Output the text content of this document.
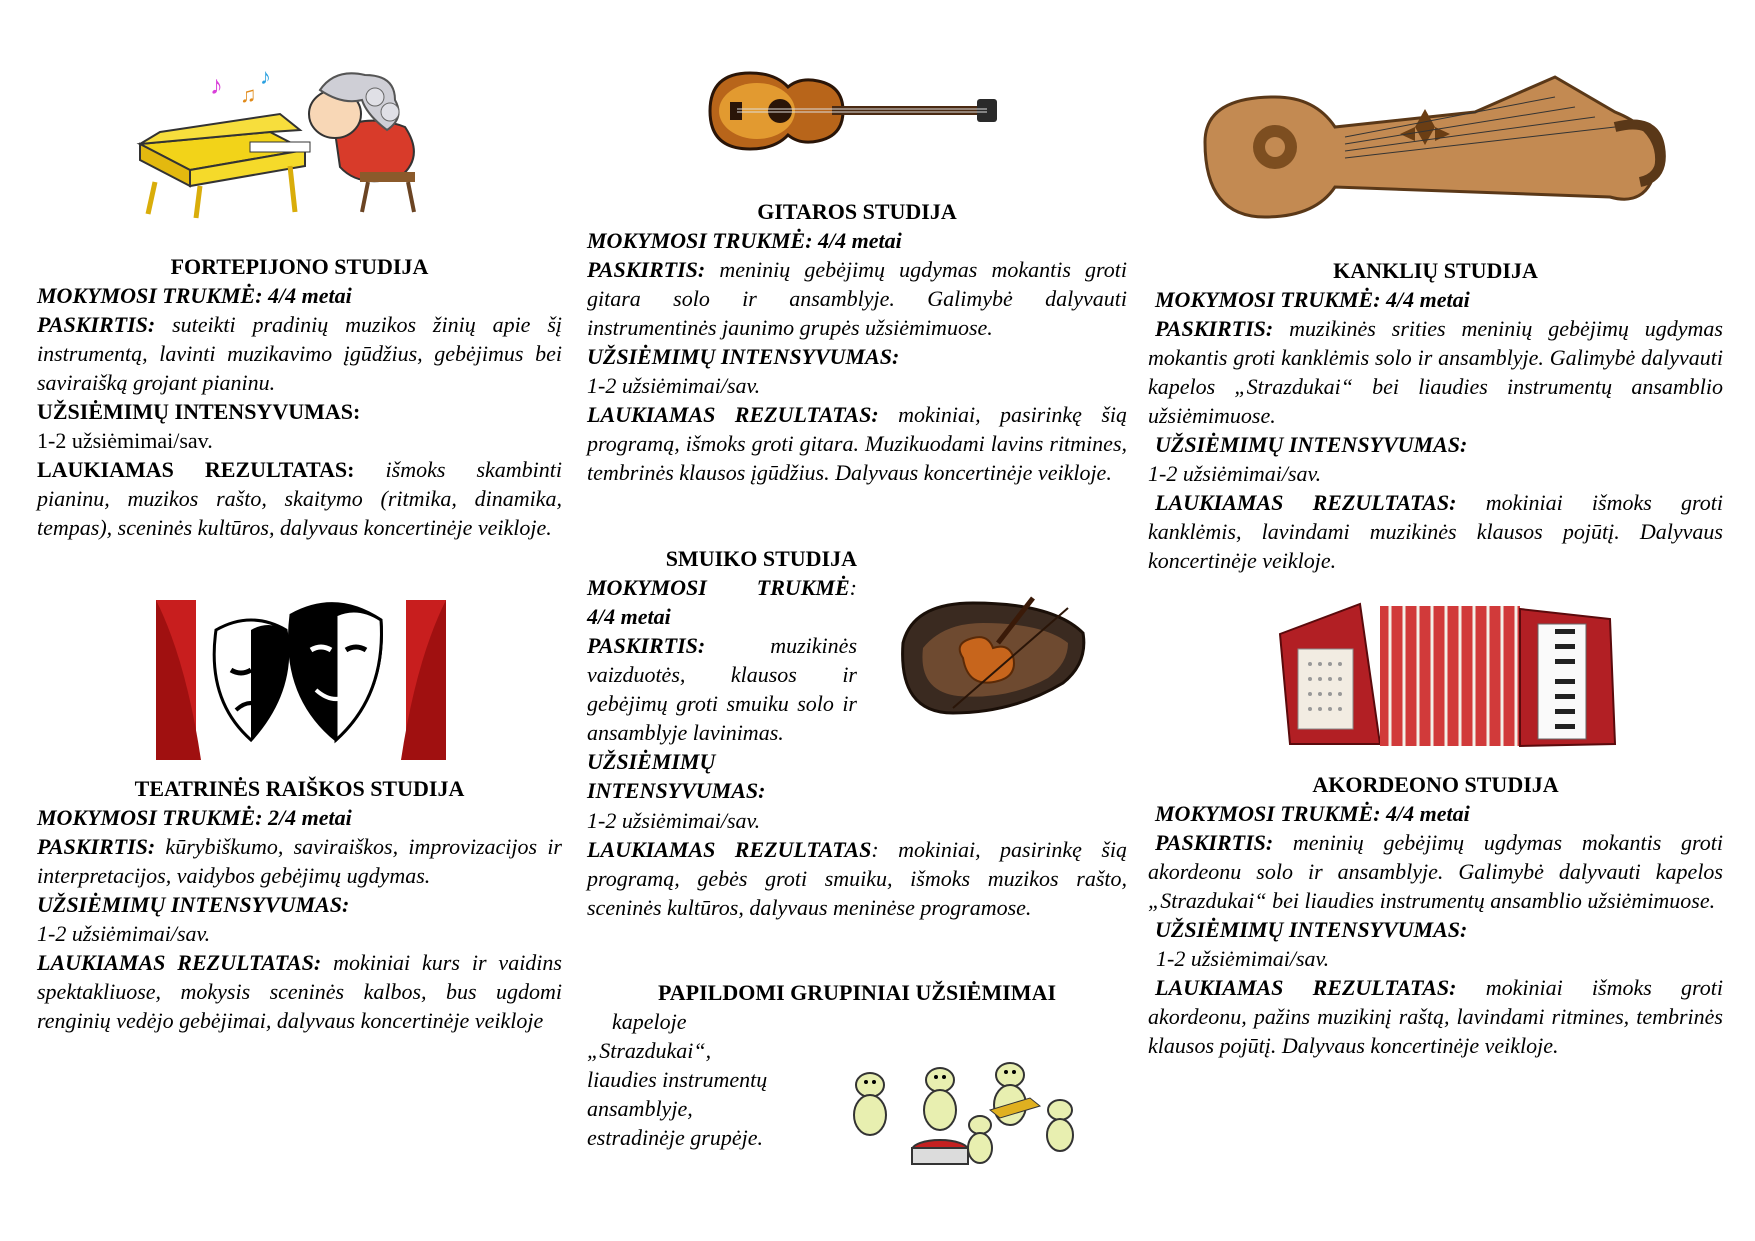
♪ ♫
♪

FORTEPIJONO STUDIJA

MOKYMOSI TRUKMĖ: 4/4 metai

PASKIRTIS: suteikti pradinių muzikos žinių apie šį instrumentą, lavinti muzikavimo įgūdžius, gebėjimus bei saviraišką grojant pianinu.

UŽSIĖMIMŲ INTENSYVUMAS:

1-2 užsiėmimai/sav.

LAUKIAMAS REZULTATAS: išmoks skambinti pianinu, muzikos rašto, skaitymo (ritmika, dinamika, tempas), sceninės kultūros, dalyvaus koncertinėje veikloje.

TEATRINĖS RAIŠKOS STUDIJA

MOKYMOSI TRUKMĖ: 2/4 metai

PASKIRTIS: kūrybiškumo, saviraiškos, improvizacijos ir interpretacijos, vaidybos gebėjimų ugdymas.

UŽSIĖMIMŲ INTENSYVUMAS:

1-2 užsiėmimai/sav.

LAUKIAMAS REZULTATAS: mokiniai kurs ir vaidins spektakliuose, mokysis sceninės kalbos, bus ugdomi renginių vedėjo gebėjimai, dalyvaus koncertinėje veikloje

GITAROS STUDIJA

MOKYMOSI TRUKMĖ: 4/4 metai

PASKIRTIS: meninių gebėjimų ugdymas mokantis groti gitara solo ir ansamblyje. Galimybė dalyvauti instrumentinės jaunimo grupės užsiėmimuose.

UŽSIĖMIMŲ INTENSYVUMAS:

1-2 užsiėmimai/sav.

LAUKIAMAS REZULTATAS: mokiniai, pasirinkę šią programą, išmoks groti gitara. Muzikuodami lavins ritmines, tembrinės klausos įgūdžius. Dalyvaus koncertinėje veikloje.

SMUIKO STUDIJA

MOKYMOSI TRUKMĖ:

4/4 metai

PASKIRTIS: muzikinės vaizduotės, klausos ir gebėjimų groti smuiku solo ir ansamblyje lavinimas.

UŽSIĖMIMŲ

INTENSYVUMAS:

1-2 užsiėmimai/sav.

LAUKIAMAS REZULTATAS: mokiniai, pasirinkę šią programą, gebės groti smuiku, išmoks muzikos rašto, sceninės kultūros, dalyvaus meninėse programose.

PAPILDOMI GRUPINIAI UŽSIĖMIMAI

kapeloje

„Strazdukai“,

liaudies instrumentų

ansamblyje,

estradinėje grupėje.

KANKLIŲ STUDIJA

MOKYMOSI TRUKMĖ: 4/4 metai

PASKIRTIS: muzikinės srities meninių gebėjimų ugdymas mokantis groti kanklėmis solo ir ansamblyje. Galimybė dalyvauti kapelos „Strazdukai“ bei liaudies instrumentų ansamblio užsiėmimuose.

UŽSIĖMIMŲ INTENSYVUMAS:

1-2 užsiėmimai/sav.

LAUKIAMAS REZULTATAS: mokiniai išmoks groti kanklėmis, lavindami muzikinės klausos pojūtį. Dalyvaus koncertinėje veikloje.

AKORDEONO STUDIJA

MOKYMOSI TRUKMĖ: 4/4 metai

PASKIRTIS: meninių gebėjimų ugdymas mokantis groti akordeonu solo ir ansamblyje. Galimybė dalyvauti kapelos „Strazdukai“ bei liaudies instrumentų ansamblio užsiėmimuose.

UŽSIĖMIMŲ INTENSYVUMAS:

1-2 užsiėmimai/sav.

LAUKIAMAS REZULTATAS: mokiniai išmoks groti akordeonu, pažins muzikinį raštą, lavindami ritmines, tembrinės klausos pojūtį. Dalyvaus koncertinėje veikloje.
